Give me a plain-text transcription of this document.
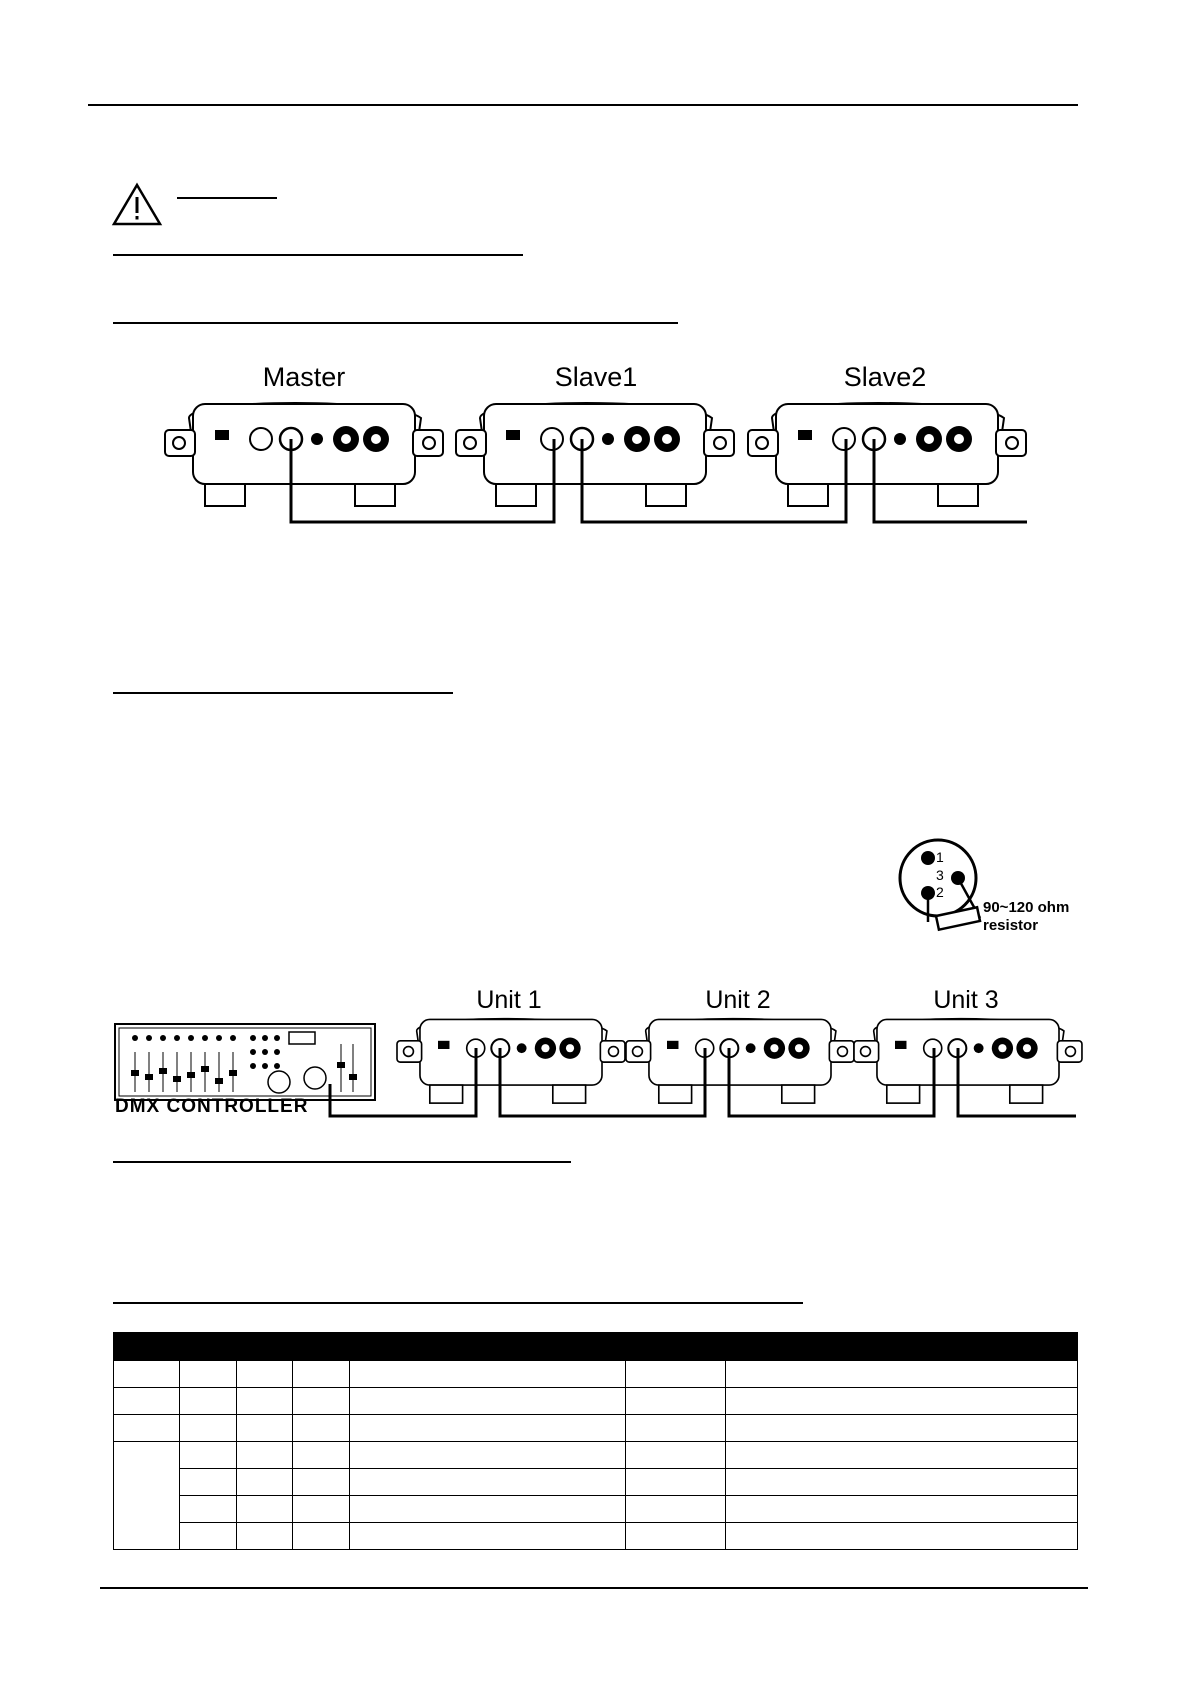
Master	Slave1	Slave2
1
3
2
90~120 ohm
resistor
Unit 1	Unit 2	Unit 3
DMX CONTROLLER
